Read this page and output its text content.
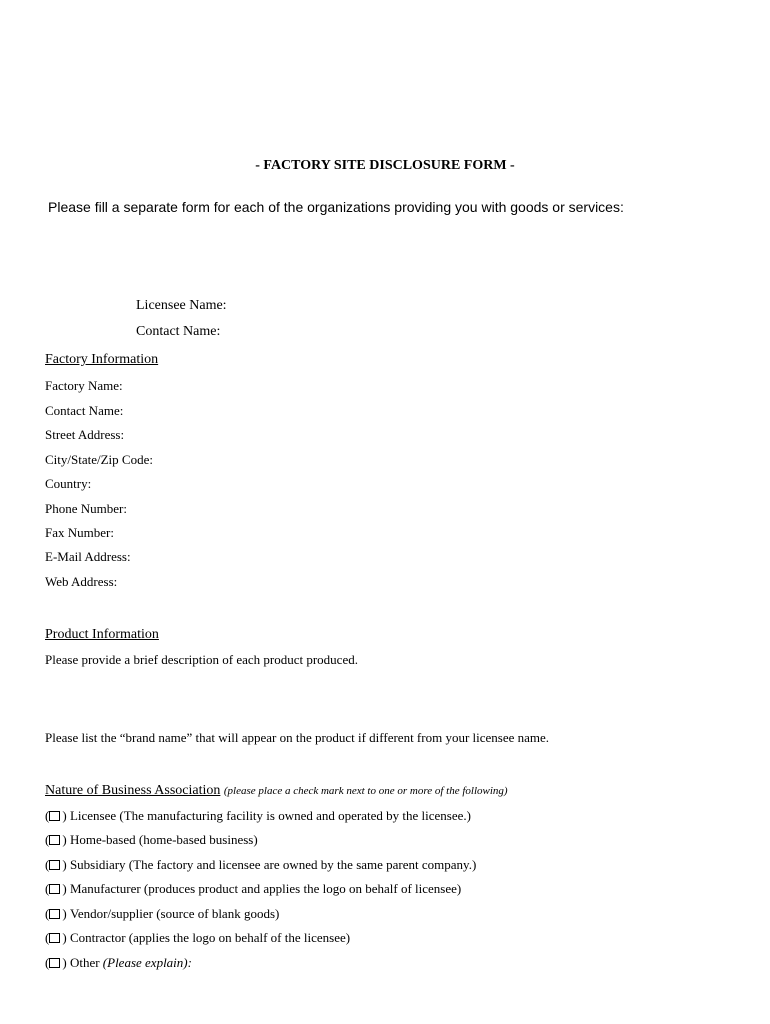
- FACTORY SITE DISCLOSURE FORM -
Please fill a separate form for each of the organizations providing you with goods or services:
Licensee Name:
Contact Name:
Factory Information
Factory Name:
Contact Name:
Street Address:
City/State/Zip Code:
Country:
Phone Number:
Fax Number:
E-Mail Address:
Web Address:
Product Information
Please provide a brief description of each product produced.
Please list the “brand name” that will appear on the product if different from your licensee name.
Nature of Business Association (please place a check mark next to one or more of the following)
( )
Licensee (The manufacturing facility is owned and operated by the licensee.)
( )
Home-based (home-based business)
( )
Subsidiary (The factory and licensee are owned by the same parent company.)
( )
Manufacturer (produces product and applies the logo on behalf of licensee)
( )
Vendor/supplier (source of blank goods)
( )
Contractor (applies the logo on behalf of the licensee)
( )
Other
(Please explain):
